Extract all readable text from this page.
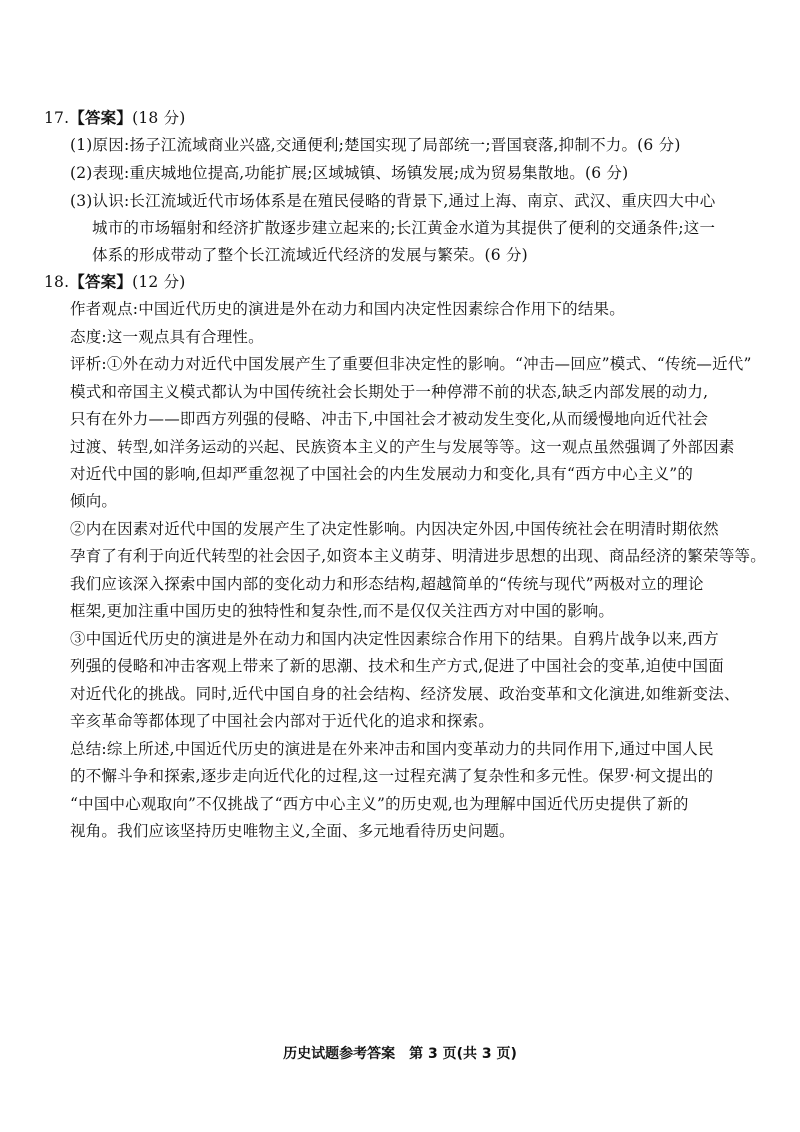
17.【答案】(18 分)
(1)原因:扬子江流域商业兴盛,交通便利;楚国实现了局部统一;晋国衰落,抑制不力。(6 分)
(2)表现:重庆城地位提高,功能扩展;区域城镇、场镇发展;成为贸易集散地。(6 分)
(3)认识:长江流域近代市场体系是在殖民侵略的背景下,通过上海、南京、武汉、重庆四大中心
城市的市场辐射和经济扩散逐步建立起来的;长江黄金水道为其提供了便利的交通条件;这一
体系的形成带动了整个长江流域近代经济的发展与繁荣。(6 分)
18.【答案】(12 分)
作者观点:中国近代历史的演进是外在动力和国内决定性因素综合作用下的结果。
态度:这一观点具有合理性。
评析:①外在动力对近代中国发展产生了重要但非决定性的影响。“冲击—回应”模式、“传统—近代”
模式和帝国主义模式都认为中国传统社会长期处于一种停滞不前的状态,缺乏内部发展的动力,
只有在外力——即西方列强的侵略、冲击下,中国社会才被动发生变化,从而缓慢地向近代社会
过渡、转型,如洋务运动的兴起、民族资本主义的产生与发展等等。这一观点虽然强调了外部因素
对近代中国的影响,但却严重忽视了中国社会的内生发展动力和变化,具有“西方中心主义”的
倾向。
②内在因素对近代中国的发展产生了决定性影响。内因决定外因,中国传统社会在明清时期依然
孕育了有利于向近代转型的社会因子,如资本主义萌芽、明清进步思想的出现、商品经济的繁荣等等。
我们应该深入探索中国内部的变化动力和形态结构,超越简单的“传统与现代”两极对立的理论
框架,更加注重中国历史的独特性和复杂性,而不是仅仅关注西方对中国的影响。
③中国近代历史的演进是外在动力和国内决定性因素综合作用下的结果。自鸦片战争以来,西方
列强的侵略和冲击客观上带来了新的思潮、技术和生产方式,促进了中国社会的变革,迫使中国面
对近代化的挑战。同时,近代中国自身的社会结构、经济发展、政治变革和文化演进,如维新变法、
辛亥革命等都体现了中国社会内部对于近代化的追求和探索。
总结:综上所述,中国近代历史的演进是在外来冲击和国内变革动力的共同作用下,通过中国人民
的不懈斗争和探索,逐步走向近代化的过程,这一过程充满了复杂性和多元性。保罗·柯文提出的
“中国中心观取向”不仅挑战了“西方中心主义”的历史观,也为理解中国近代历史提供了新的
视角。我们应该坚持历史唯物主义,全面、多元地看待历史问题。
历史试题参考答案　第 3 页(共 3 页)
